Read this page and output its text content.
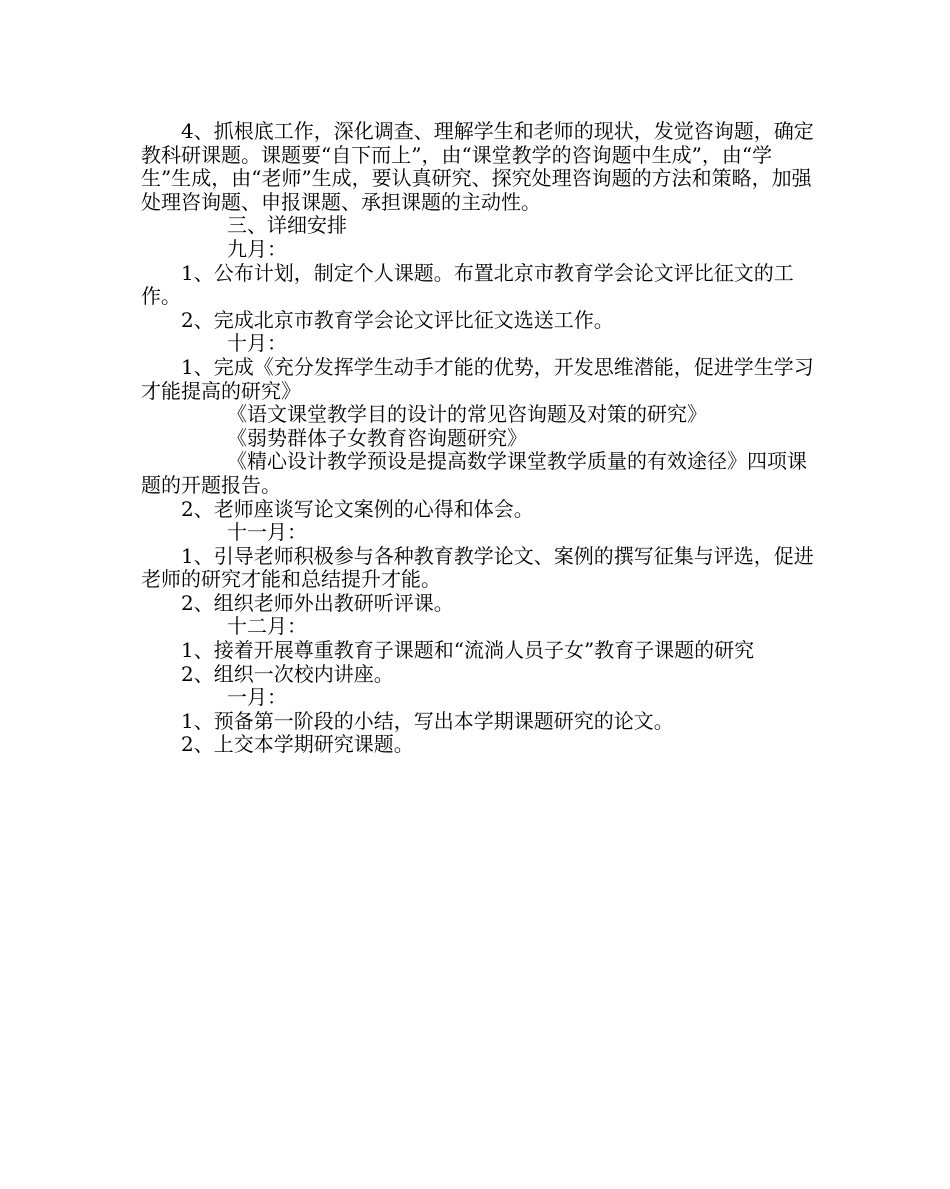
4、抓根底工作，深化调查、理解学生和老师的现状，发觉咨询题，确定教科研课题。课题要“自下而上”，由“课堂教学的咨询题中生成”，由“学生”生成，由“老师”生成，要认真研究、探究处理咨询题的方法和策略，加强处理咨询题、申报课题、承担课题的主动性。

三、详细安排

九月：

1、公布计划，制定个人课题。布置北京市教育学会论文评比征文的工作。

2、完成北京市教育学会论文评比征文选送工作。

十月：

1、完成《充分发挥学生动手才能的优势，开发思维潜能，促进学生学习才能提高的研究》

《语文课堂教学目的设计的常见咨询题及对策的研究》

《弱势群体子女教育咨询题研究》

《精心设计教学预设是提高数学课堂教学质量的有效途径》四项课题的开题报告。

2、老师座谈写论文案例的心得和体会。

十一月：

1、引导老师积极参与各种教育教学论文、案例的撰写征集与评选，促进老师的研究才能和总结提升才能。

2、组织老师外出教研听评课。

十二月：

1、接着开展尊重教育子课题和“流淌人员子女”教育子课题的研究

2、组织一次校内讲座。

一月：

1、预备第一阶段的小结，写出本学期课题研究的论文。

2、上交本学期研究课题。
